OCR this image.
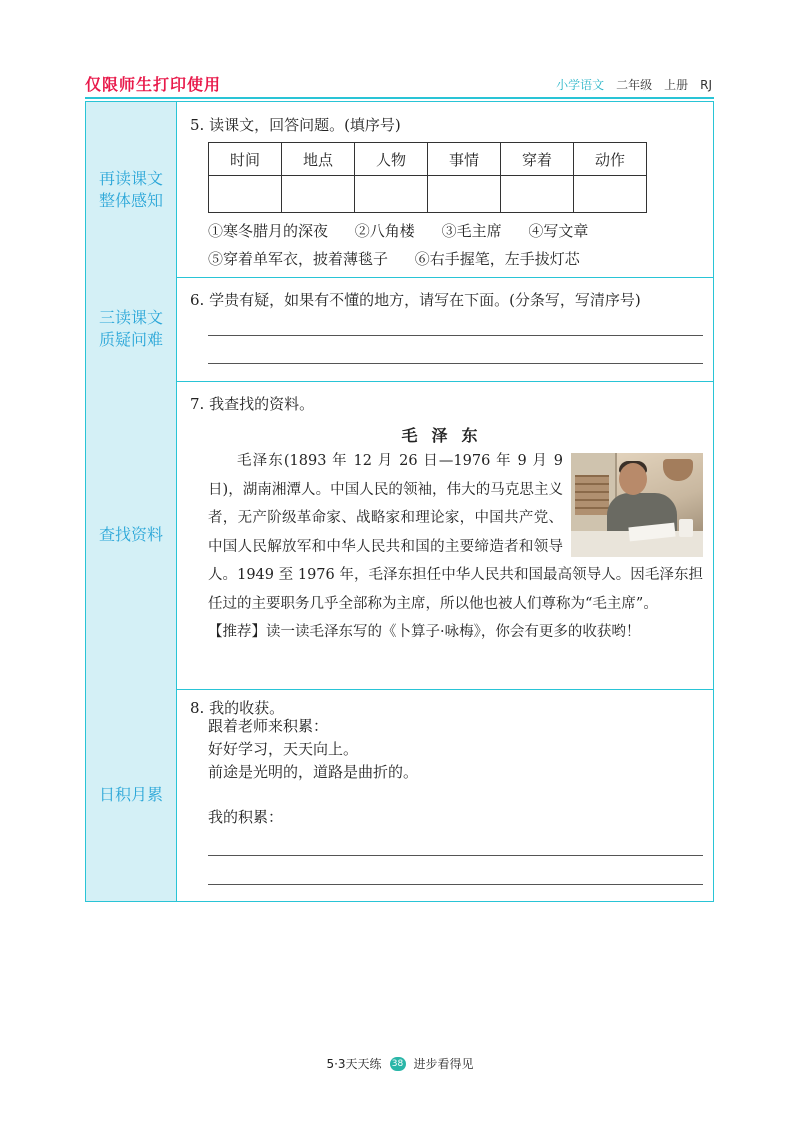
仅限师生打印使用	小学语文 二年级 上册 RJ
再读课文
整体感知
5. 读课文，回答问题。(填序号)
时间	地点	人物	事情	穿着	动作

①寒冬腊月的深夜 ②八角楼 ③毛主席 ④写文章
⑤穿着单军衣，披着薄毯子 ⑥右手握笔，左手拔灯芯
三读课文
质疑问难
6. 学贵有疑，如果有不懂的地方，请写在下面。(分条写，写清序号)
查找资料
7. 我查找的资料。
毛泽东

毛泽东(1893 年 12 月 26 日—1976 年 9 月 9 日)，湖南湘潭人。中国人民的领袖，伟大的马克思主义者，无产阶级革命家、战略家和理论家，中国共产党、中国人民解放军和中华人民共和国的主要缔造者和领导人。1949 至 1976 年，毛泽东担任中华人民共和国最高领导人。因毛泽东担任过的主要职务几乎全部称为主席，所以他也被人们尊称为“毛主席”。

【推荐】读一读毛泽东写的《卜算子·咏梅》，你会有更多的收获哟！

日积月累
8. 我的收获。
跟着老师来积累：
好好学习，天天向上。
前途是光明的，道路是曲折的。
我的积累：
5·3天天练 38 进步看得见
